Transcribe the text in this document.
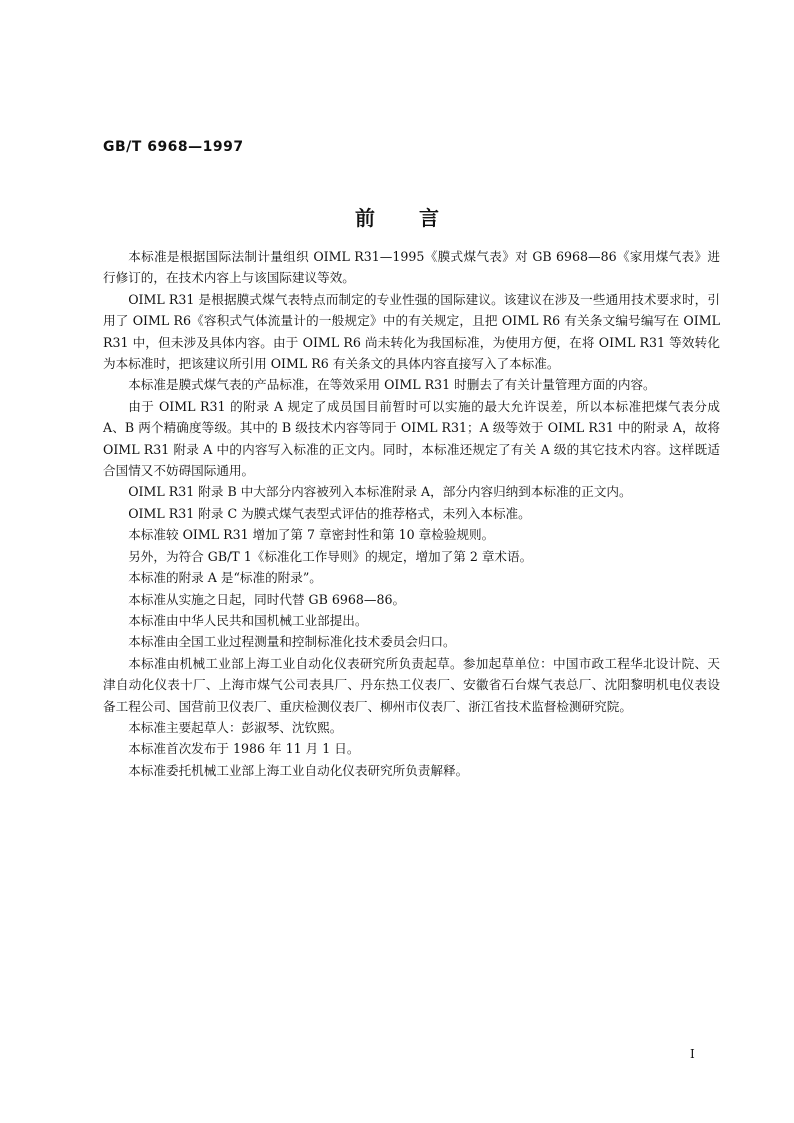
GB/T 6968—1997
前言

本标准是根据国际法制计量组织 OIML R31—1995《膜式煤气表》对 GB 6968—86《家用煤气表》进行修订的，在技术内容上与该国际建议等效。

OIML R31 是根据膜式煤气表特点而制定的专业性强的国际建议。该建议在涉及一些通用技术要求时，引用了 OIML R6《容积式气体流量计的一般规定》中的有关规定，且把 OIML R6 有关条文编号编写在 OIML R31 中，但未涉及具体内容。由于 OIML R6 尚未转化为我国标准，为使用方便，在将 OIML R31 等效转化为本标准时，把该建议所引用 OIML R6 有关条文的具体内容直接写入了本标准。

本标准是膜式煤气表的产品标准，在等效采用 OIML R31 时删去了有关计量管理方面的内容。

由于 OIML R31 的附录 A 规定了成员国目前暂时可以实施的最大允许误差，所以本标准把煤气表分成 A、B 两个精确度等级。其中的 B 级技术内容等同于 OIML R31；A 级等效于 OIML R31 中的附录 A，故将 OIML R31 附录 A 中的内容写入标准的正文内。同时，本标准还规定了有关 A 级的其它技术内容。这样既适合国情又不妨碍国际通用。

OIML R31 附录 B 中大部分内容被列入本标准附录 A，部分内容归纳到本标准的正文内。

OIML R31 附录 C 为膜式煤气表型式评估的推荐格式，未列入本标准。

本标准较 OIML R31 增加了第 7 章密封性和第 10 章检验规则。

另外，为符合 GB/T 1《标准化工作导则》的规定，增加了第 2 章术语。

本标准的附录 A 是“标准的附录”。

本标准从实施之日起，同时代替 GB 6968—86。

本标准由中华人民共和国机械工业部提出。

本标准由全国工业过程测量和控制标准化技术委员会归口。

本标准由机械工业部上海工业自动化仪表研究所负责起草。参加起草单位：中国市政工程华北设计院、天津自动化仪表十厂、上海市煤气公司表具厂、丹东热工仪表厂、安徽省石台煤气表总厂、沈阳黎明机电仪表设备工程公司、国营前卫仪表厂、重庆检测仪表厂、柳州市仪表厂、浙江省技术监督检测研究院。

本标准主要起草人：彭淑琴、沈钦熙。

本标准首次发布于 1986 年 11 月 1 日。

本标准委托机械工业部上海工业自动化仪表研究所负责解释。

I
